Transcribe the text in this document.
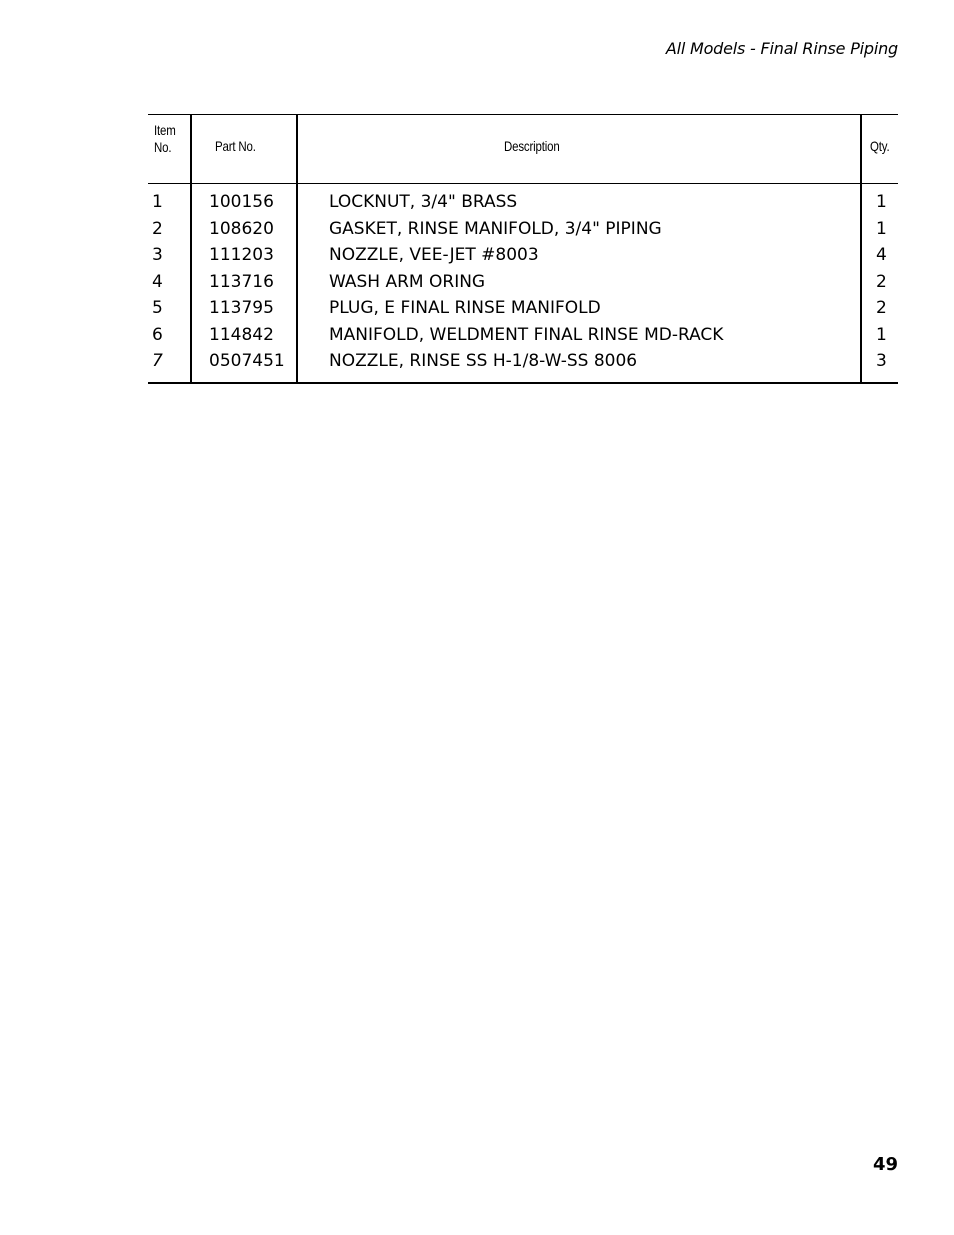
All Models - Final Rinse Piping
Item
No.	Part No.	Description	Qty.
1	100156	LOCKNUT, 3/4" BRASS	1
2	108620	GASKET, RINSE MANIFOLD, 3/4" PIPING	1
3	111203	NOZZLE, VEE-JET #8003	4
4	113716	WASH ARM ORING	2
5	113795	PLUG, E FINAL RINSE MANIFOLD	2
6	114842	MANIFOLD, WELDMENT FINAL RINSE MD-RACK	1
7	0507451	NOZZLE, RINSE SS H-1/8-W-SS 8006	3
49
